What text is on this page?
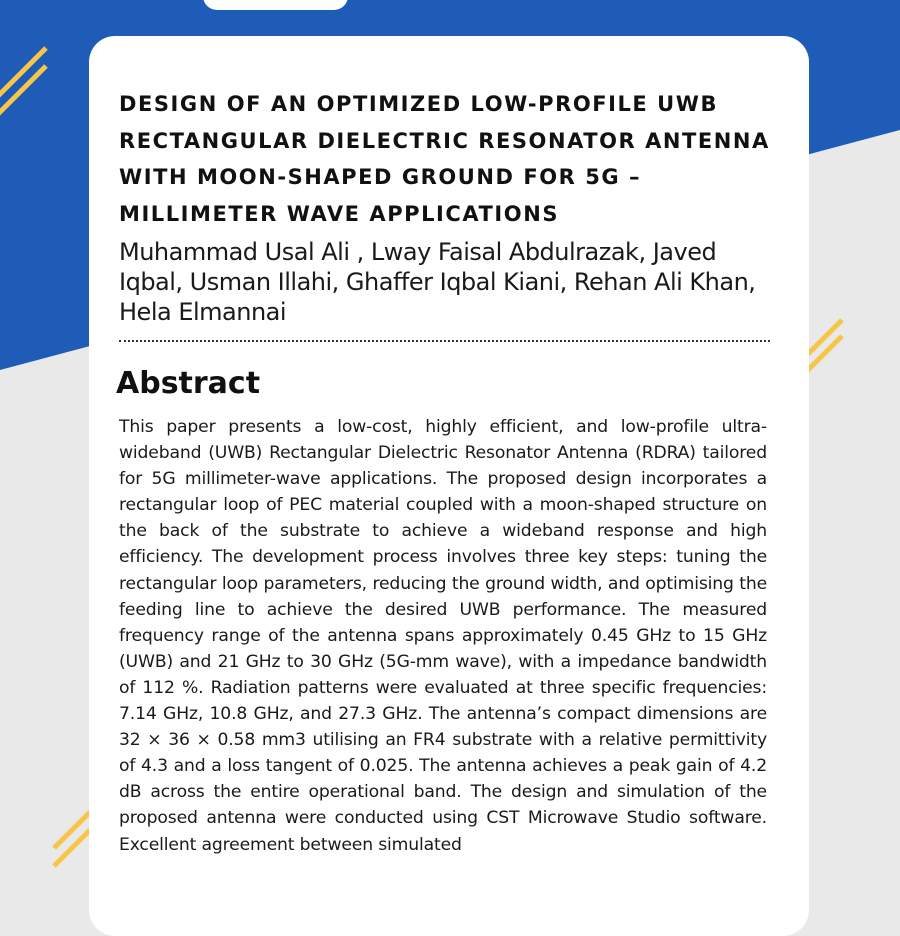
DESIGN OF AN OPTIMIZED LOW-PROFILE UWB RECTANGULAR DIELECTRIC RESONATOR ANTENNA WITH MOON-SHAPED GROUND FOR 5G – MILLIMETER WAVE APPLICATIONS

Muhammad Usal Ali , Lway Faisal Abdulrazak, Javed Iqbal, Usman Illahi, Ghaffer Iqbal Kiani, Rehan Ali Khan, Hela Elmannai

Abstract

This paper presents a low-cost, highly efficient, and low-profile ultra-wideband (UWB) Rectangular Dielectric Resonator Antenna (RDRA) tailored for 5G millimeter-wave applications. The proposed design incorporates a rectangular loop of PEC material coupled with a moon-shaped structure on the back of the substrate to achieve a wideband response and high efficiency. The development process involves three key steps: tuning the rectangular loop parameters, reducing the ground width, and optimising the feeding line to achieve the desired UWB performance. The measured frequency range of the antenna spans approximately 0.45 GHz to 15 GHz (UWB) and 21 GHz to 30 GHz (5G-mm wave), with a impedance bandwidth of 112 %. Radiation patterns were evaluated at three specific frequencies: 7.14 GHz, 10.8 GHz, and 27.3 GHz. The antenna’s compact dimensions are 32 × 36 × 0.58 mm3 utilising an FR4 substrate with a relative permittivity of 4.3 and a loss tangent of 0.025. The antenna achieves a peak gain of 4.2 dB across the entire operational band. The design and simulation of the proposed antenna were conducted using CST Microwave Studio software. Excellent agreement between simulated
